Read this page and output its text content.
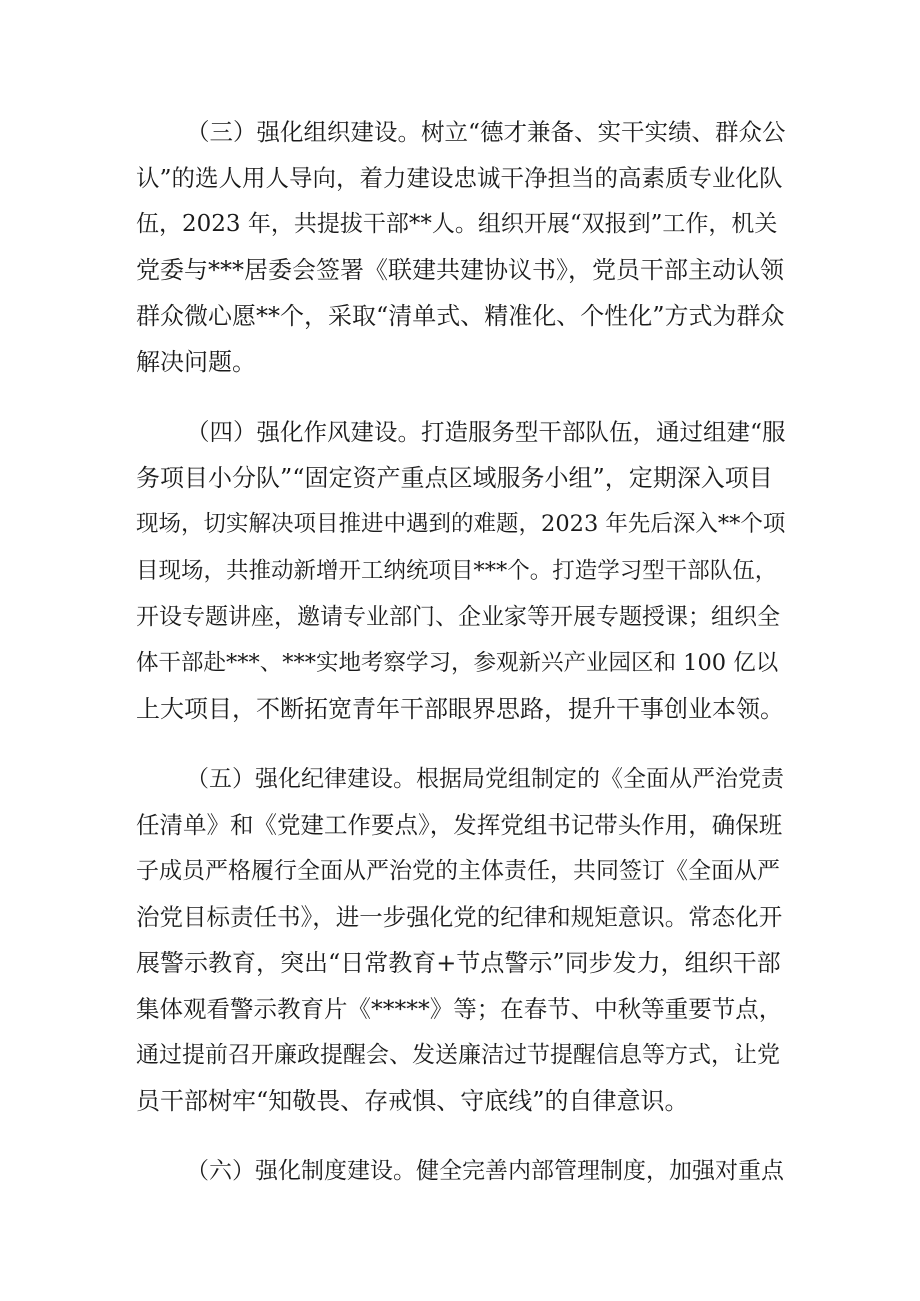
（三）强化组织建设。树立“德才兼备、实干实绩、群众公
认”的选人用人导向，着力建设忠诚干净担当的高素质专业化队
伍，2023 年，共提拔干部**人。组织开展“双报到”工作，机关
党委与***居委会签署《联建共建协议书》，党员干部主动认领
群众微心愿**个，采取“清单式、精准化、个性化”方式为群众
解决问题。
（四）强化作风建设。打造服务型干部队伍，通过组建“服
务项目小分队”“固定资产重点区域服务小组”，定期深入项目
现场，切实解决项目推进中遇到的难题，2023 年先后深入**个项
目现场，共推动新增开工纳统项目***个。打造学习型干部队伍，
开设专题讲座，邀请专业部门、企业家等开展专题授课；组织全
体干部赴***、***实地考察学习，参观新兴产业园区和 100 亿以
上大项目，不断拓宽青年干部眼界思路，提升干事创业本领。
（五）强化纪律建设。根据局党组制定的《全面从严治党责
任清单》和《党建工作要点》，发挥党组书记带头作用，确保班
子成员严格履行全面从严治党的主体责任，共同签订《全面从严
治党目标责任书》，进一步强化党的纪律和规矩意识。常态化开
展警示教育，突出“日常教育+节点警示”同步发力，组织干部
集体观看警示教育片《*****》等；在春节、中秋等重要节点，
通过提前召开廉政提醒会、发送廉洁过节提醒信息等方式，让党
员干部树牢“知敬畏、存戒惧、守底线”的自律意识。
（六）强化制度建设。健全完善内部管理制度，加强对重点
